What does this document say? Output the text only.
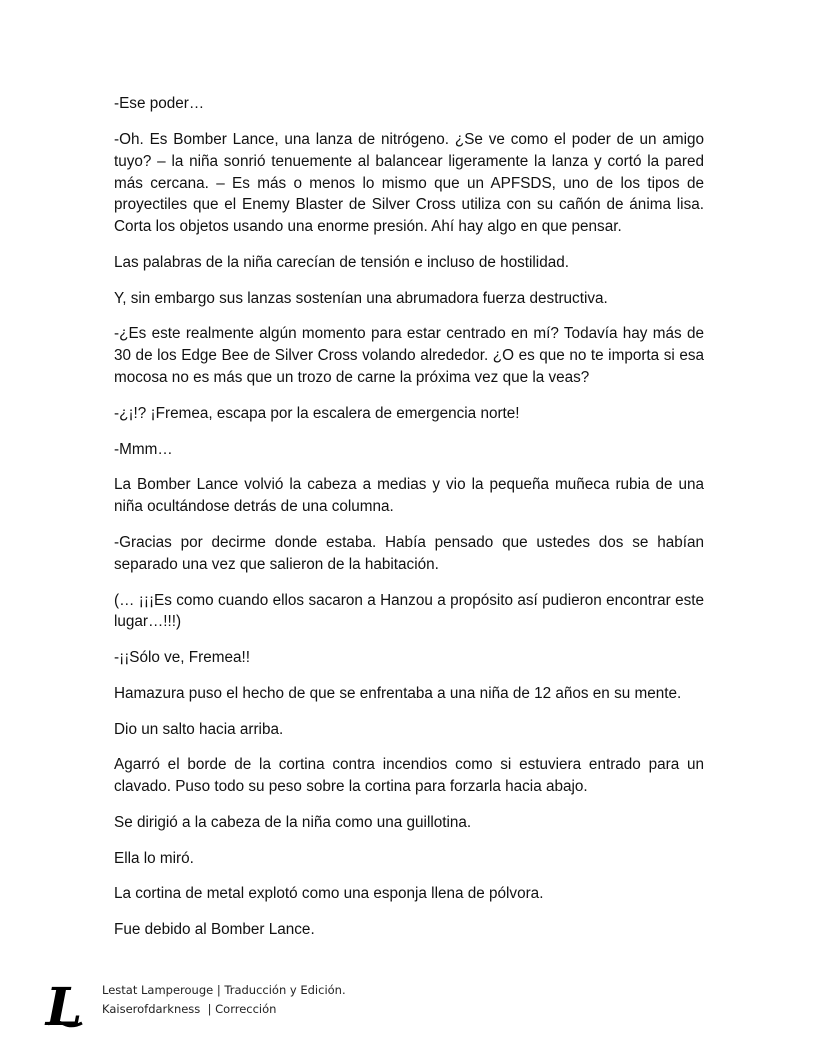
-Ese poder…

-Oh. Es Bomber Lance, una lanza de nitrógeno. ¿Se ve como el poder de un amigo tuyo? – la niña sonrió tenuemente al balancear ligeramente la lanza y cortó la pared más cercana. – Es más o menos lo mismo que un APFSDS, uno de los tipos de proyectiles que el Enemy Blaster de Silver Cross utiliza con su cañón de ánima lisa. Corta los objetos usando una enorme presión. Ahí hay algo en que pensar.

Las palabras de la niña carecían de tensión e incluso de hostilidad.

Y, sin embargo sus lanzas sostenían una abrumadora fuerza destructiva.

-¿Es este realmente algún momento para estar centrado en mí? Todavía hay más de 30 de los Edge Bee de Silver Cross volando alrededor. ¿O es que no te importa si esa mocosa no es más que un trozo de carne la próxima vez que la veas?

-¿¡!? ¡Fremea, escapa por la escalera de emergencia norte!

-Mmm…

La Bomber Lance volvió la cabeza a medias y vio la pequeña muñeca rubia de una niña ocultándose detrás de una columna.

-Gracias por decirme donde estaba. Había pensado que ustedes dos se habían separado una vez que salieron de la habitación.

(… ¡¡¡Es como cuando ellos sacaron a Hanzou a propósito así pudieron encontrar este lugar…!!!)

-¡¡Sólo ve, Fremea!!

Hamazura puso el hecho de que se enfrentaba a una niña de 12 años en su mente.

Dio un salto hacia arriba.

Agarró el borde de la cortina contra incendios como si estuviera entrado para un clavado. Puso todo su peso sobre la cortina para forzarla hacia abajo.

Se dirigió a la cabeza de la niña como una guillotina.

Ella lo miró.

La cortina de metal explotó como una esponja llena de pólvora.

Fue debido al Bomber Lance.

L Lestat Lamperouge | Traducción y Edición.
Kaiserofdarkness  | Corrección
